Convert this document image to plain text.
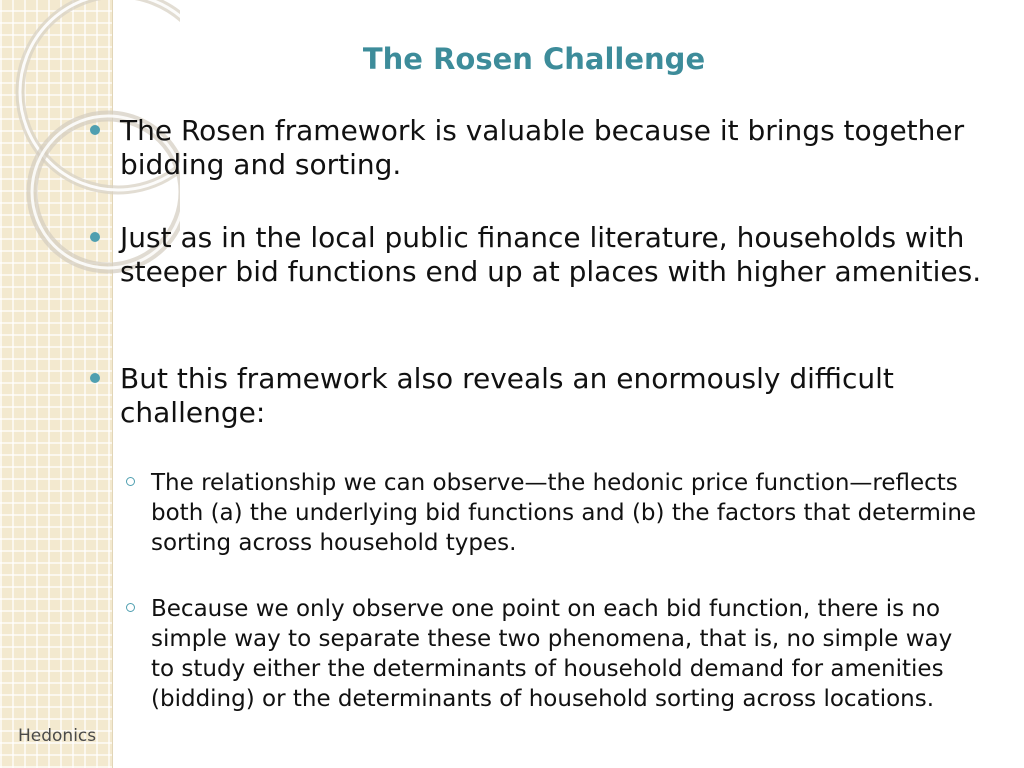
Hedonics
The Rosen Challenge
The Rosen framework is valuable because it brings together bidding and sorting.
Just as in the local public finance literature, households with steeper bid functions end up at places with higher amenities.
But this framework also reveals an enormously difficult challenge:
The relationship we can observe—the hedonic price function—reflects both (a) the underlying bid functions and (b) the factors that determine sorting across household types.
Because we only observe one point on each bid function, there is no simple way to separate these two phenomena, that is, no simple way to study either the determinants of household demand for amenities (bidding) or the determinants of household sorting across locations.
